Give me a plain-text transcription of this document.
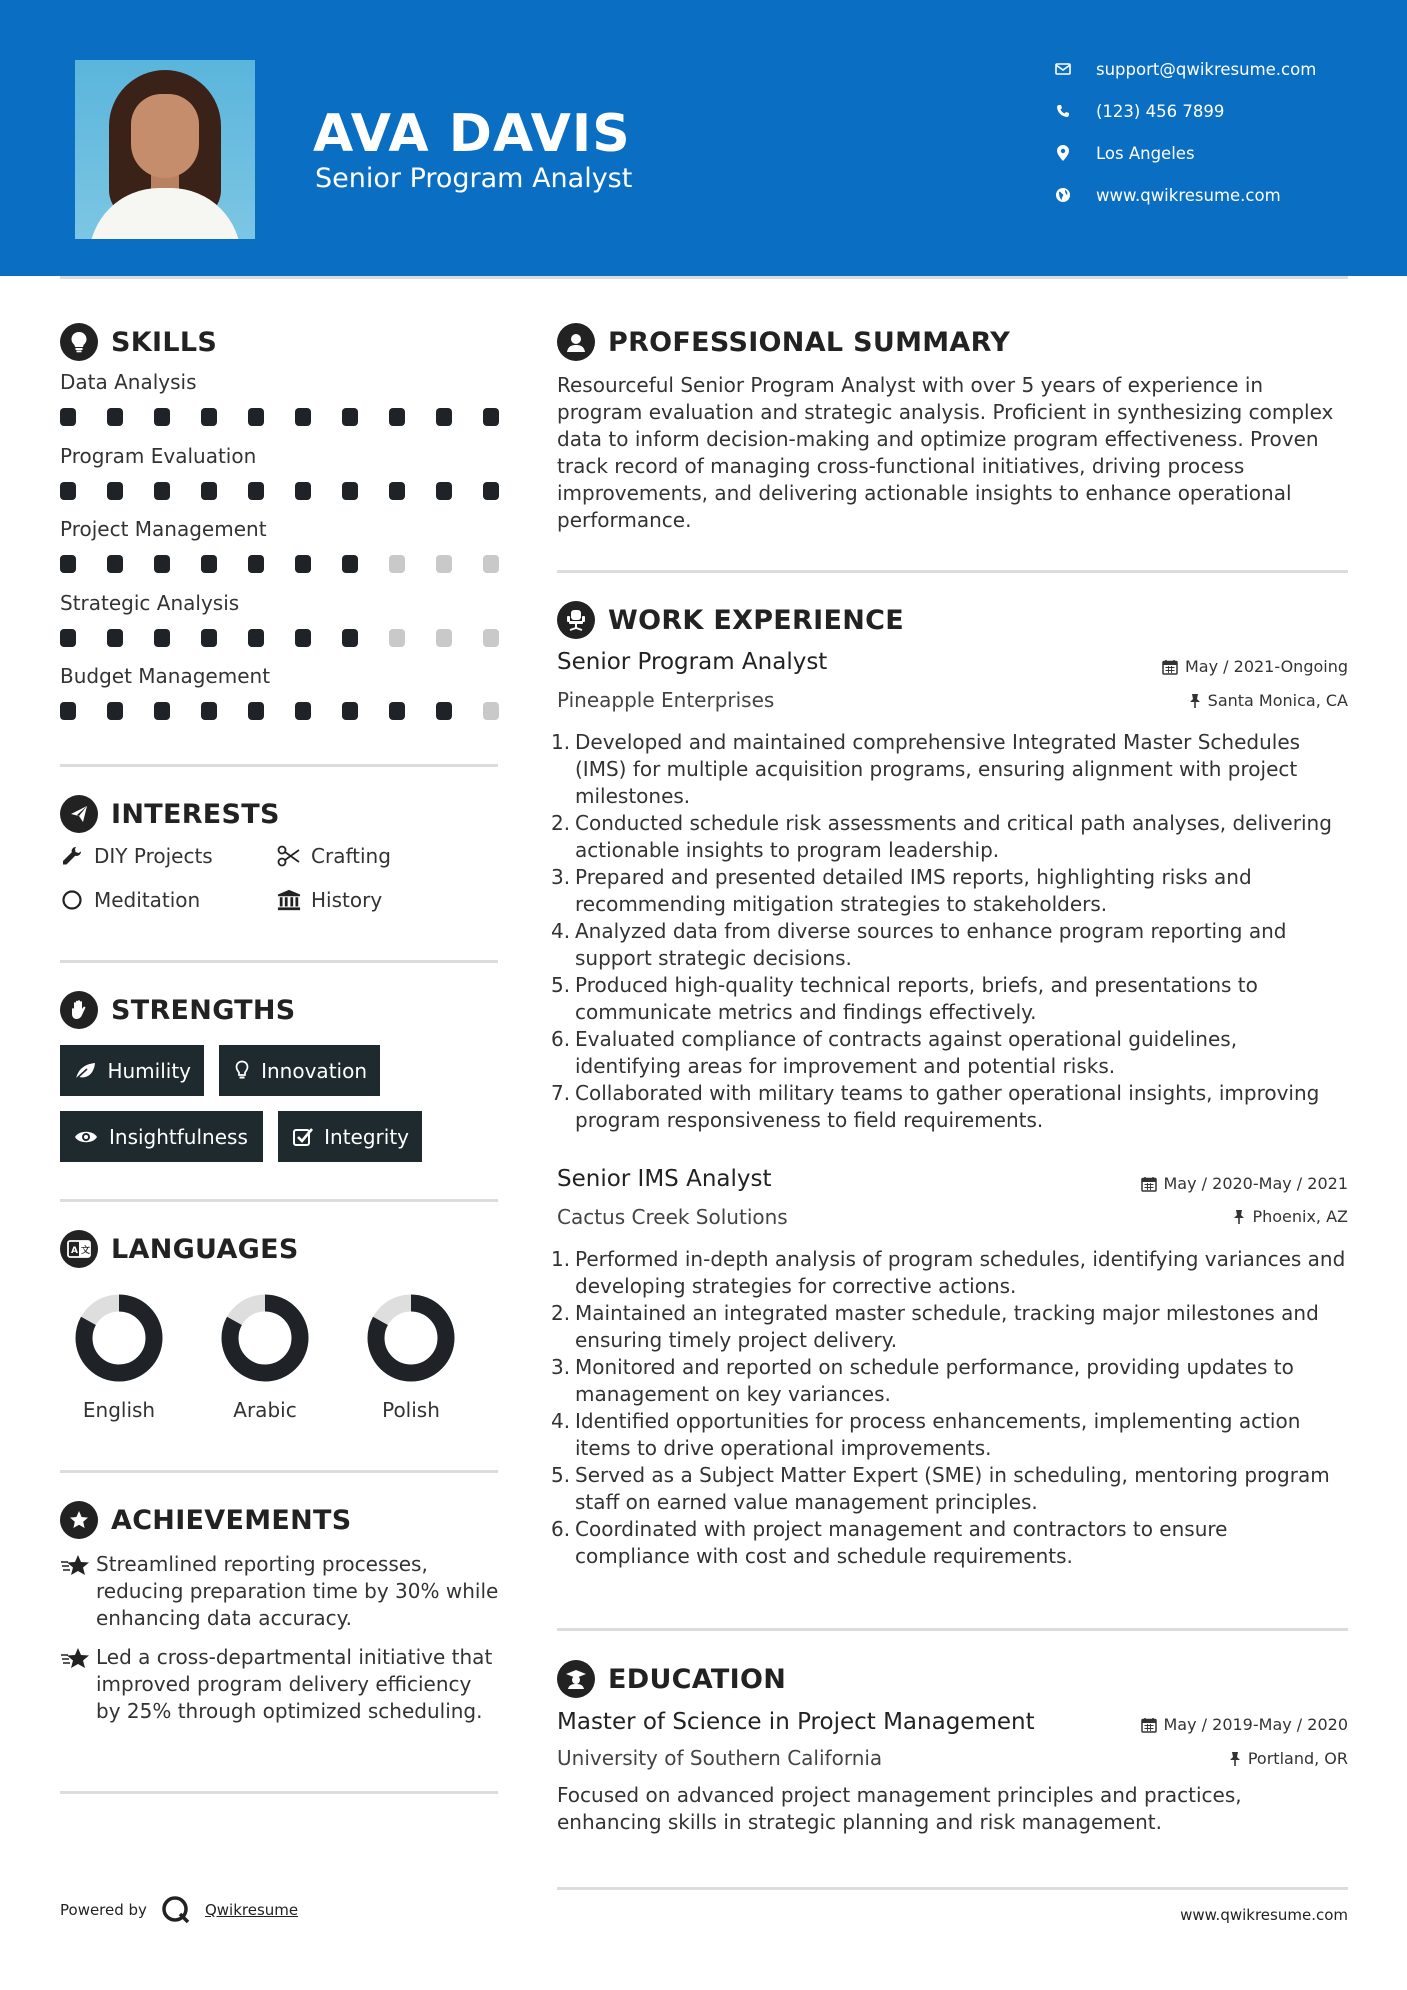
AVA DAVIS
Senior Program Analyst
support@qwikresume.com
(123) 456 7899
Los Angeles
www.qwikresume.com
SKILLS
Data Analysis
Program Evaluation
Project Management
Strategic Analysis
Budget Management
INTERESTS
DIY Projects	Crafting
Meditation	History
STRENGTHS
Humility	Innovation
Insightfulness	Integrity
A 文 LANGUAGES
English	Arabic	Polish
ACHIEVEMENTS
Streamlined reporting processes, reducing preparation time by 30% while enhancing data accuracy.
Led a cross-departmental initiative that improved program delivery efficiency by 25% through optimized scheduling.
PROFESSIONAL SUMMARY
Resourceful Senior Program Analyst with over 5 years of experience in program evaluation and strategic analysis. Proficient in synthesizing complex data to inform decision-making and optimize program effectiveness. Proven track record of managing cross-functional initiatives, driving process improvements, and delivering actionable insights to enhance operational performance.
WORK EXPERIENCE
Senior Program Analyst	May / 2021-Ongoing
Pineapple Enterprises	Santa Monica, CA
1. Developed and maintained comprehensive Integrated Master Schedules (IMS) for multiple acquisition programs, ensuring alignment with project milestones.
2. Conducted schedule risk assessments and critical path analyses, delivering actionable insights to program leadership.
3. Prepared and presented detailed IMS reports, highlighting risks and recommending mitigation strategies to stakeholders.
4. Analyzed data from diverse sources to enhance program reporting and support strategic decisions.
5. Produced high-quality technical reports, briefs, and presentations to communicate metrics and findings effectively.
6. Evaluated compliance of contracts against operational guidelines, identifying areas for improvement and potential risks.
7. Collaborated with military teams to gather operational insights, improving program responsiveness to field requirements.
Senior IMS Analyst	May / 2020-May / 2021
Cactus Creek Solutions	Phoenix, AZ
1. Performed in-depth analysis of program schedules, identifying variances and developing strategies for corrective actions.
2. Maintained an integrated master schedule, tracking major milestones and ensuring timely project delivery.
3. Monitored and reported on schedule performance, providing updates to management on key variances.
4. Identified opportunities for process enhancements, implementing action items to drive operational improvements.
5. Served as a Subject Matter Expert (SME) in scheduling, mentoring program staff on earned value management principles.
6. Coordinated with project management and contractors to ensure compliance with cost and schedule requirements.
EDUCATION
Master of Science in Project Management	May / 2019-May / 2020
University of Southern California	Portland, OR
Focused on advanced project management principles and practices, enhancing skills in strategic planning and risk management.
Powered by	Qwikresume	www.qwikresume.com
